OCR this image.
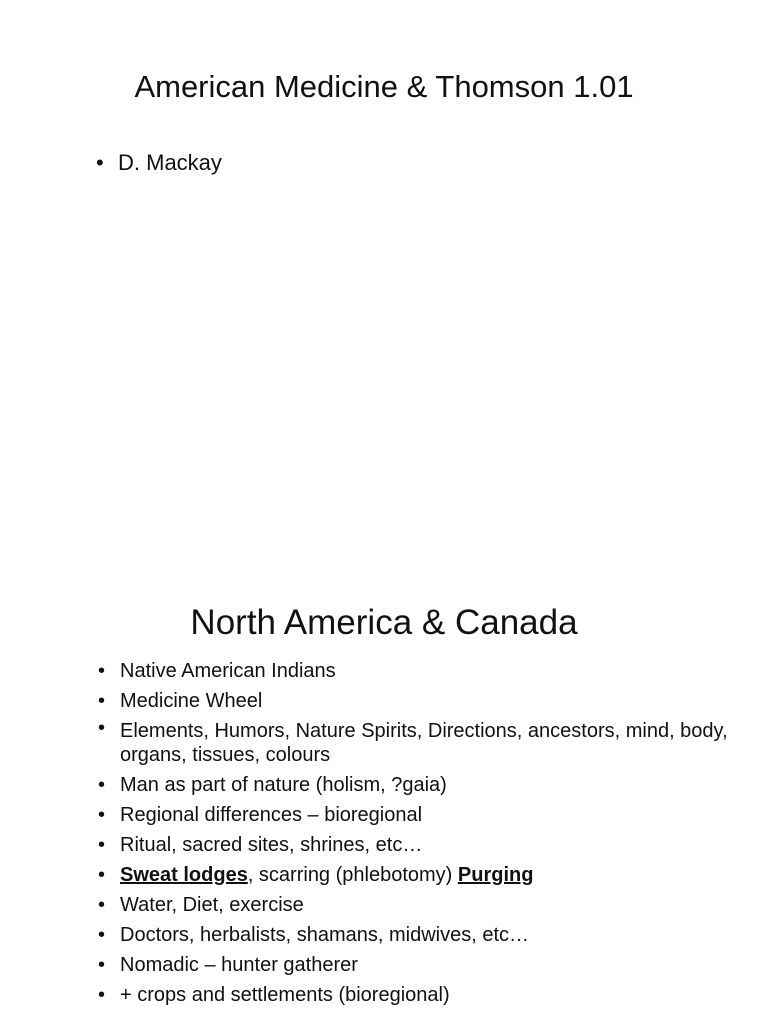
American Medicine & Thomson 1.01
• D. Mackay
North America & Canada
• Native American Indians
• Medicine Wheel
• Elements, Humors, Nature Spirits, Directions, ancestors, mind, body, organs, tissues, colours
• Man as part of nature (holism, ?gaia)
• Regional differences – bioregional
• Ritual, sacred sites, shrines, etc…
• Sweat lodges, scarring (phlebotomy) Purging
• Water, Diet, exercise
• Doctors, herbalists, shamans, midwives, etc…
• Nomadic – hunter gatherer
• + crops and settlements (bioregional)
